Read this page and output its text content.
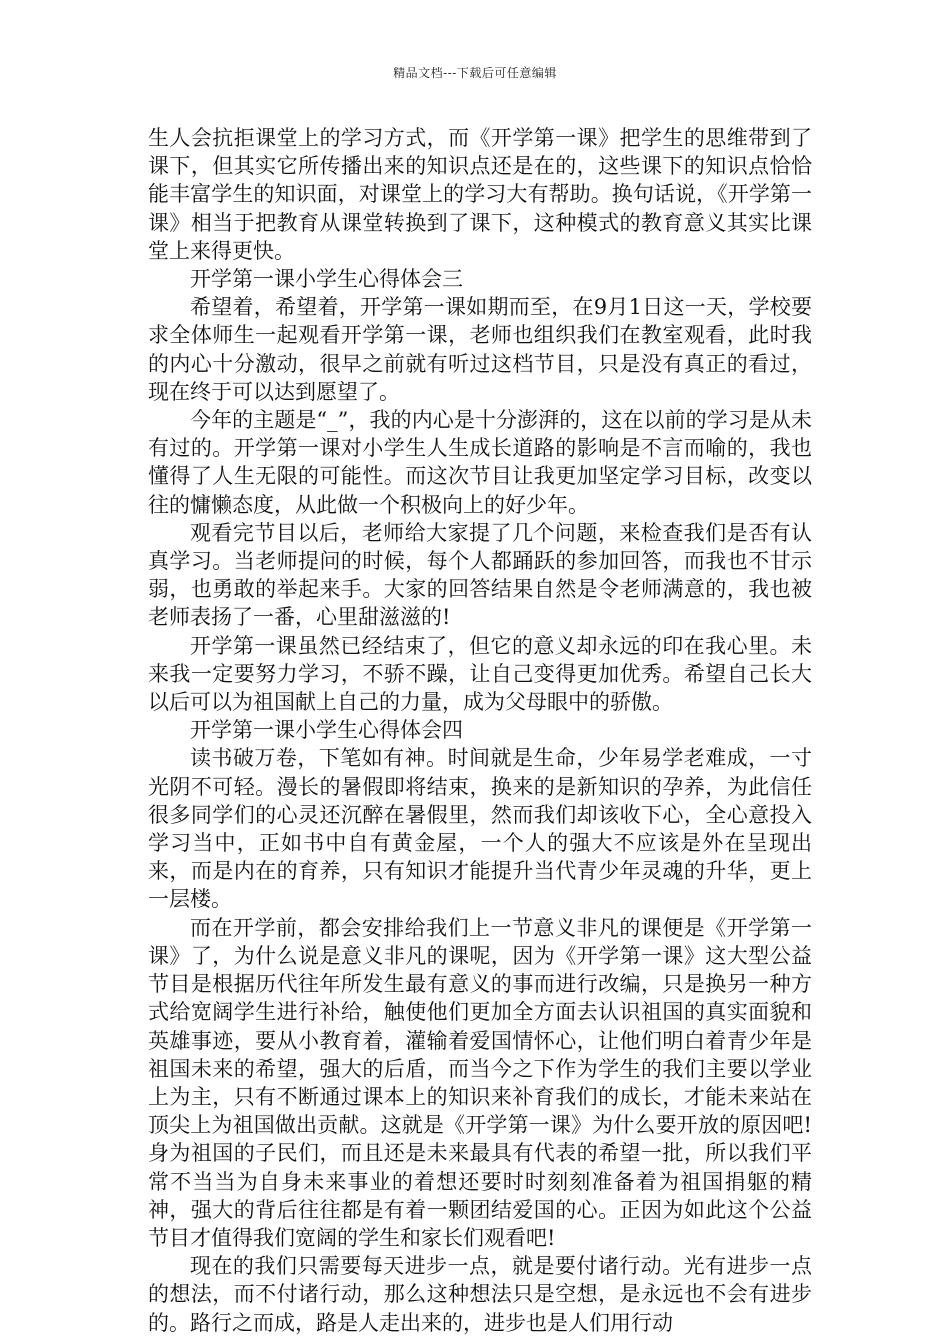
精品文档---下载后可任意编辑

生人会抗拒课堂上的学习方式，而《开学第一课》把学生的思维带到了课下，但其实它所传播出来的知识点还是在的，这些课下的知识点恰恰能丰富学生的知识面，对课堂上的学习大有帮助。换句话说，《开学第一课》相当于把教育从课堂转换到了课下，这种模式的教育意义其实比课堂上来得更快。

开学第一课小学生心得体会三

希望着，希望着，开学第一课如期而至，在9月1日这一天，学校要求全体师生一起观看开学第一课，老师也组织我们在教室观看，此时我的内心十分激动，很早之前就有听过这档节目，只是没有真正的看过，现在终于可以达到愿望了。

今年的主题是“_”，我的内心是十分澎湃的，这在以前的学习是从未有过的。开学第一课对小学生人生成长道路的影响是不言而喻的，我也懂得了人生无限的可能性。而这次节目让我更加坚定学习目标，改变以往的慵懒态度，从此做一个积极向上的好少年。

观看完节目以后，老师给大家提了几个问题，来检查我们是否有认真学习。当老师提问的时候，每个人都踊跃的参加回答，而我也不甘示弱，也勇敢的举起来手。大家的回答结果自然是令老师满意的，我也被老师表扬了一番，心里甜滋滋的!

开学第一课虽然已经结束了，但它的意义却永远的印在我心里。未来我一定要努力学习，不骄不躁，让自己变得更加优秀。希望自己长大以后可以为祖国献上自己的力量，成为父母眼中的骄傲。

开学第一课小学生心得体会四

读书破万卷，下笔如有神。时间就是生命，少年易学老难成，一寸光阴不可轻。漫长的暑假即将结束，换来的是新知识的孕养，为此信任很多同学们的心灵还沉醉在暑假里，然而我们却该收下心，全心意投入学习当中，正如书中自有黄金屋，一个人的强大不应该是外在呈现出来，而是内在的育养，只有知识才能提升当代青少年灵魂的升华，更上一层楼。

而在开学前，都会安排给我们上一节意义非凡的课便是《开学第一课》了，为什么说是意义非凡的课呢，因为《开学第一课》这大型公益节目是根据历代往年所发生最有意义的事而进行改编，只是换另一种方式给宽阔学生进行补给，触使他们更加全方面去认识祖国的真实面貌和英雄事迹，要从小教育着，灌输着爱国情怀心，让他们明白着青少年是祖国未来的希望，强大的后盾，而当今之下作为学生的我们主要以学业上为主，只有不断通过课本上的知识来补育我们的成长，才能未来站在顶尖上为祖国做出贡献。这就是《开学第一课》为什么要开放的原因吧!身为祖国的子民们，而且还是未来最具有代表的希望一批，所以我们平常不当当为自身未来事业的着想还要时时刻刻准备着为祖国捐躯的精神，强大的背后往往都是有着一颗团结爱国的心。正因为如此这个公益节目才值得我们宽阔的学生和家长们观看吧!

现在的我们只需要每天进步一点，就是要付诸行动。光有进步一点的想法，而不付诸行动，那么这种想法只是空想，是永远也不会有进步的。路行之而成，路是人走出来的，进步也是人们用行动
